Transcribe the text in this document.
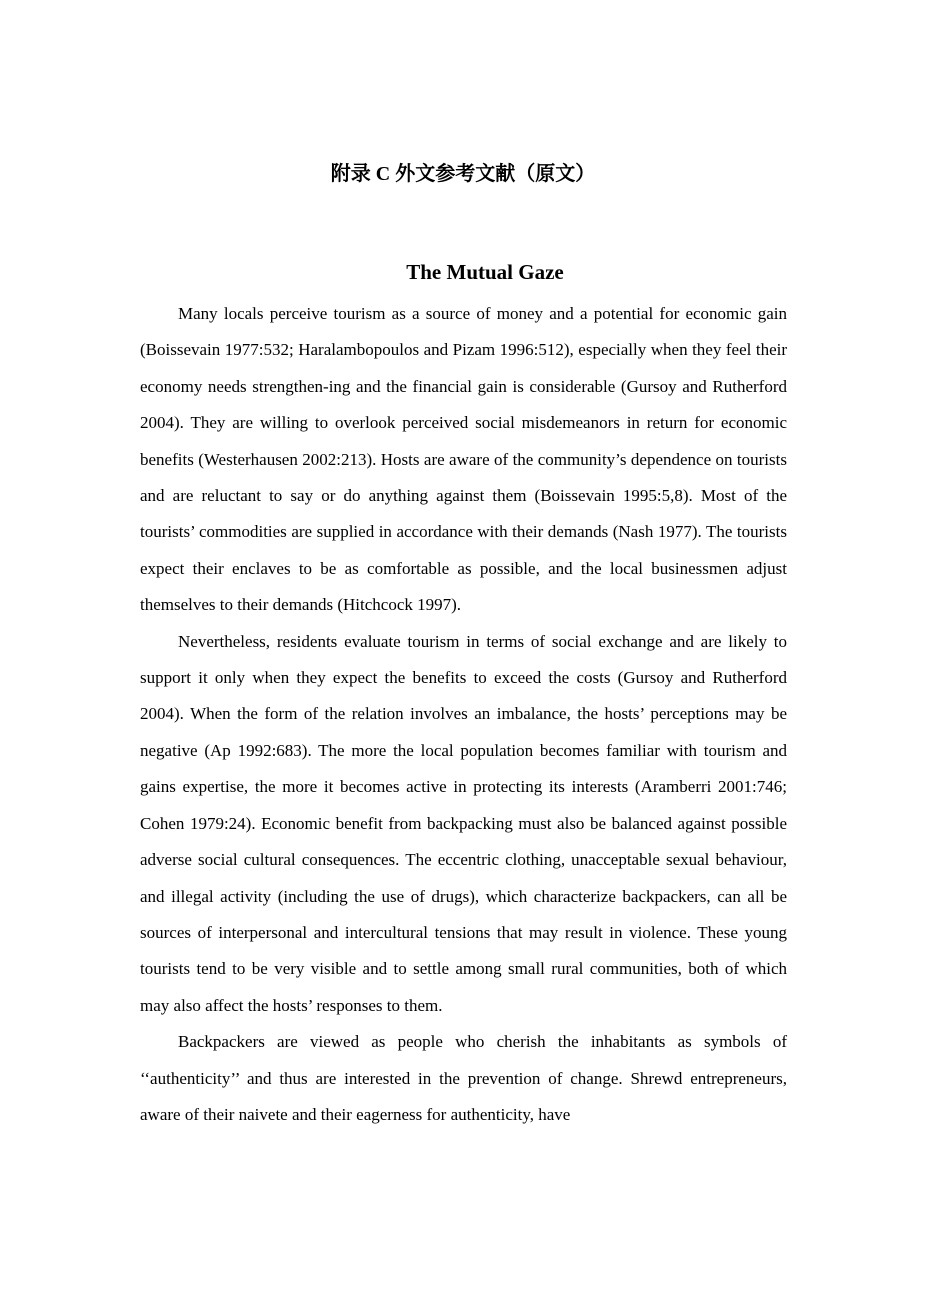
附录 C 外文参考文献（原文）
The Mutual Gaze

Many locals perceive tourism as a source of money and a potential for economic gain (Boissevain 1977:532; Haralambopoulos and Pizam 1996:512), especially when they feel their economy needs strengthen-ing and the financial gain is considerable (Gursoy and Rutherford 2004). They are willing to overlook perceived social misdemeanors in return for economic benefits (Westerhausen 2002:213). Hosts are aware of the community’s dependence on tourists and are reluctant to say or do anything against them (Boissevain 1995:5,8). Most of the tourists’ commodities are supplied in accordance with their demands (Nash 1977). The tourists expect their enclaves to be as comfortable as possible, and the local businessmen adjust themselves to their demands (Hitchcock 1997).

Nevertheless, residents evaluate tourism in terms of social exchange and are likely to support it only when they expect the benefits to exceed the costs (Gursoy and Rutherford 2004). When the form of the relation involves an imbalance, the hosts’ perceptions may be negative (Ap 1992:683). The more the local population becomes familiar with tourism and gains expertise, the more it becomes active in protecting its interests (Aramberri 2001:746; Cohen 1979:24). Economic benefit from backpacking must also be balanced against possible adverse social cultural consequences. The eccentric clothing, unacceptable sexual behaviour, and illegal activity (including the use of drugs), which characterize backpackers, can all be sources of interpersonal and intercultural tensions that may result in violence. These young tourists tend to be very visible and to settle among small rural communities, both of which may also affect the hosts’ responses to them.

Backpackers are viewed as people who cherish the inhabitants as symbols of ‘‘authenticity’’ and thus are interested in the prevention of change. Shrewd entrepreneurs, aware of their naivete and their eagerness for authenticity, have
